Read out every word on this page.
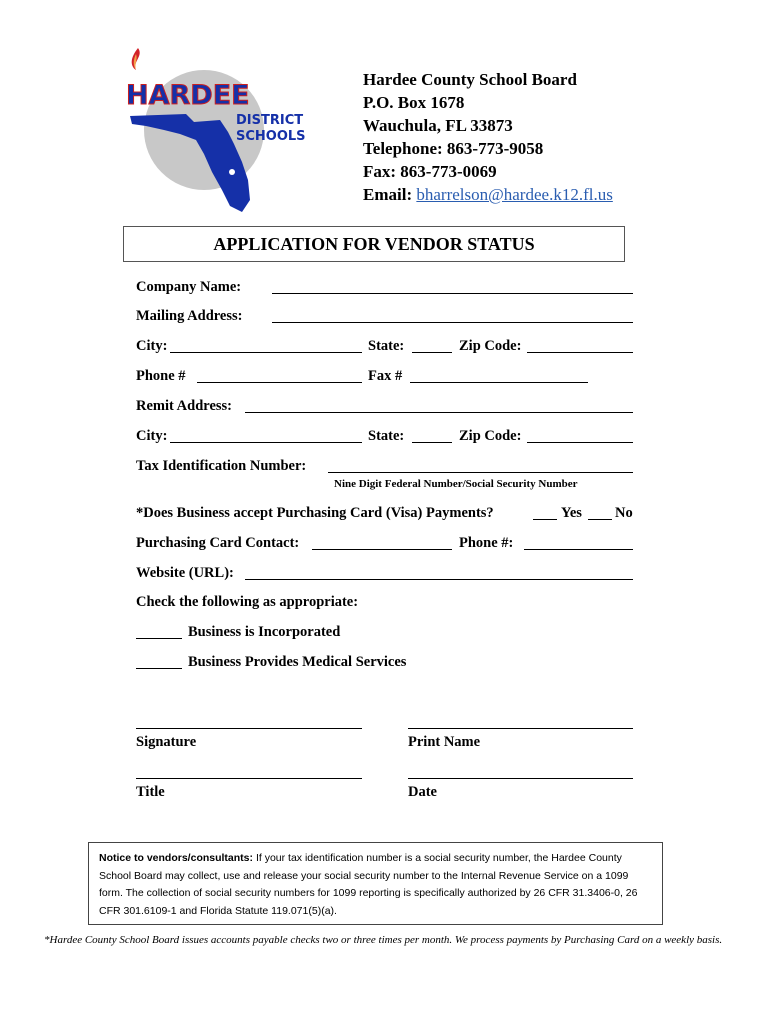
HARDEE
DISTRICT
SCHOOLS
Hardee County School Board
P.O. Box 1678
Wauchula, FL 33873
Telephone: 863-773-9058
Fax: 863-773-0069
Email: bharrelson@hardee.k12.fl.us
APPLICATION FOR VENDOR STATUS
Company Name:
Mailing Address:
City:	State:	Zip Code:
Phone #	Fax #
Remit Address:
City:	State:	Zip Code:
Tax Identification Number:
Nine Digit Federal Number/Social Security Number
*Does Business accept Purchasing Card (Visa) Payments?	Yes No
Purchasing Card Contact:	Phone #:
Website (URL):
Check the following as appropriate:
Business is Incorporated
Business Provides Medical Services
Signature	Print Name
Title	Date
Notice to vendors/consultants: If your tax identification number is a social security number, the Hardee County School Board may collect, use and release your social security number to the Internal Revenue Service on a 1099 form. The collection of social security numbers for 1099 reporting is specifically authorized by 26 CFR 31.3406-0, 26 CFR 301.6109-1 and Florida Statute 119.071(5)(a).
*Hardee County School Board issues accounts payable checks two or three times per month. We process payments by Purchasing Card on a weekly basis.
